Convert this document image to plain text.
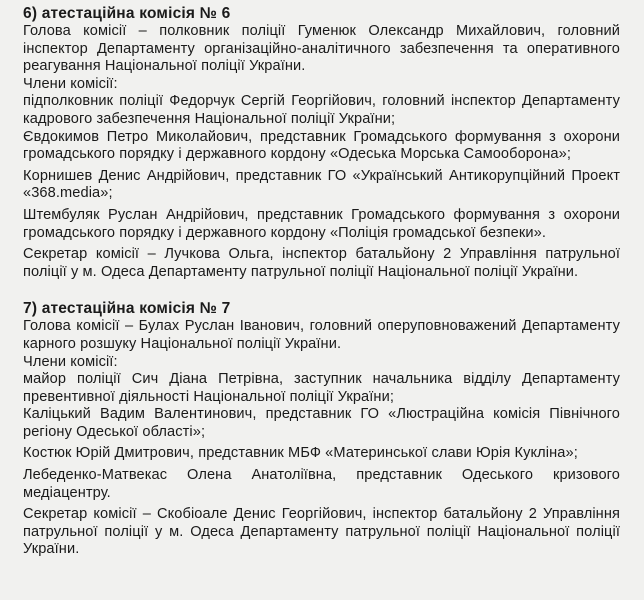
6) атестаційна комісія № 6

Голова комісії – полковник поліції Гуменюк Олександр Михайлович, головний інспектор Департаменту організаційно-аналітичного забезпечення та оперативного реагування Національної поліції України.

Члени комісії:

підполковник поліції Федорчук Сергій Георгійович, головний інспектор Департаменту кадрового забезпечення Національної поліції України;

Євдокимов Петро Миколайович, представник Громадського формування з охорони громадського порядку і державного кордону «Одеська Морська Самооборона»;

Корнишев Денис Андрійович, представник ГО «Український Антикорупційний Проект «368.media»;

Штембуляк Руслан Андрійович, представник Громадського формування з охорони громадського порядку і державного кордону «Поліція громадської безпеки».

Секретар комісії – Лучкова Ольга, інспектор батальйону 2 Управління патрульної поліції у м. Одеса Департаменту патрульної поліції Національної поліції України.

7) атестаційна комісія № 7

Голова комісії – Булах Руслан Іванович, головний оперуповноважений Департаменту карного розшуку Національної поліції України.

Члени комісії:

майор поліції Сич Діана Петрівна, заступник начальника відділу Департаменту превентивної діяльності Національної поліції України;

Каліцький Вадим Валентинович, представник ГО «Люстраційна комісія Північного регіону Одеської області»;

Костюк Юрій Дмитрович, представник МБФ «Материнської слави Юрія Кукліна»;

Лебеденко-Матвекас Олена Анатоліївна, представник Одеського кризового медіацентру.

Секретар комісії – Скобіоале Денис Георгійович, інспектор батальйону 2 Управління патрульної поліції у м. Одеса Департаменту патрульної поліції Національної поліції України.
